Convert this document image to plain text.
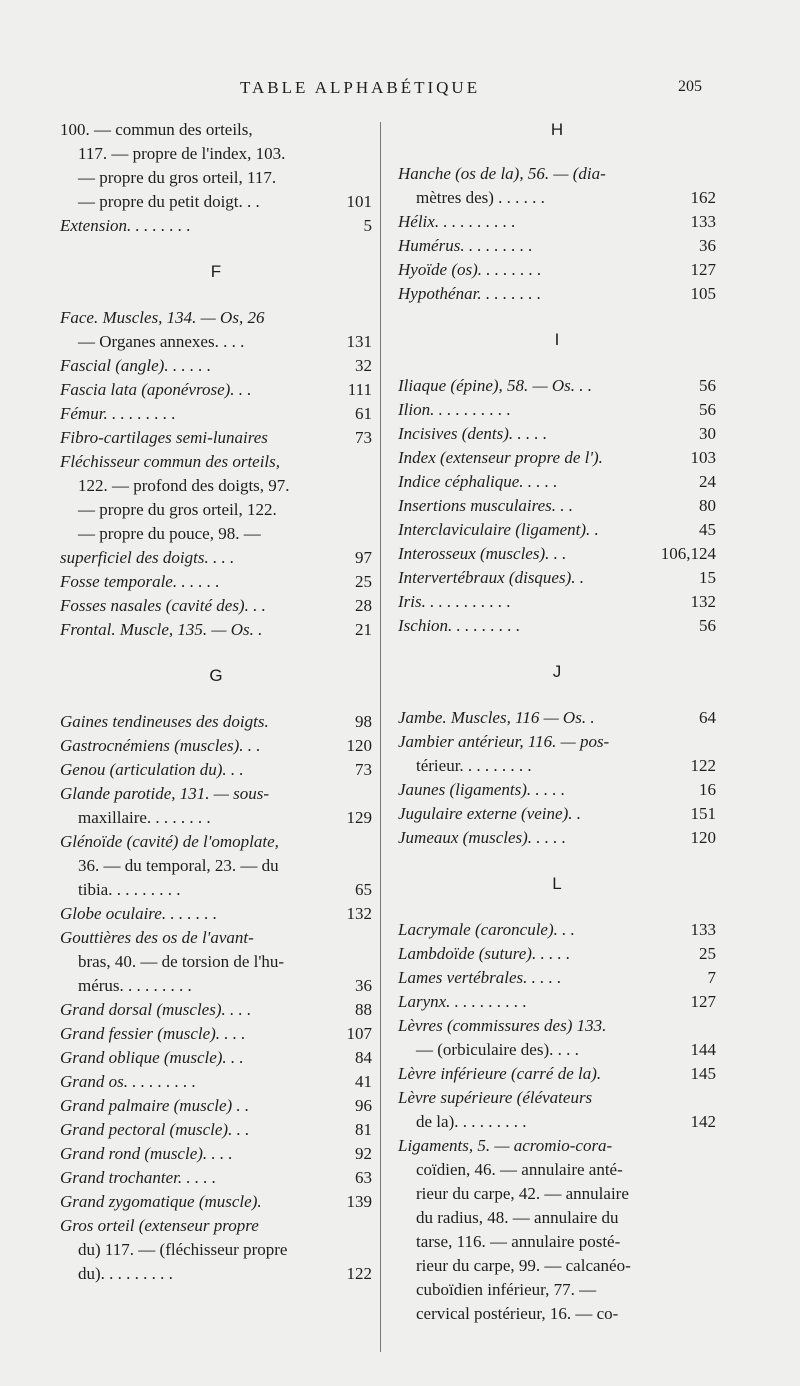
TABLE ALPHABÉTIQUE	205
100. — commun des orteils,
117. — propre de l'index, 103.
— propre du gros orteil, 117.
— propre du petit doigt. . .	101
Extension. . . . . . . .	5
F
Face. Muscles, 134. — Os, 26
— Organes annexes. . . .	131
Fascial (angle). . . . . .	32
Fascia lata (aponévrose). . .	111
Fémur. . . . . . . . .	61
Fibro-cartilages semi-lunaires	73
Fléchisseur commun des orteils,
122. — profond des doigts, 97.
— propre du gros orteil, 122.
— propre du pouce, 98. —
superficiel des doigts. . . .	97
Fosse temporale. . . . . .	25
Fosses nasales (cavité des). . .	28
Frontal. Muscle, 135. — Os. .	21
G
Gaines tendineuses des doigts.	98
Gastrocnémiens (muscles). . .	120
Genou (articulation du). . .	73
Glande parotide, 131. — sous-
maxillaire. . . . . . . .	129
Glénoïde (cavité) de l'omoplate,
36. — du temporal, 23. — du
tibia. . . . . . . . .	65
Globe oculaire. . . . . . .	132
Gouttières des os de l'avant-
bras, 40. — de torsion de l'hu-
mérus. . . . . . . . .	36
Grand dorsal (muscles). . . .	88
Grand fessier (muscle). . . .	107
Grand oblique (muscle). . .	84
Grand os. . . . . . . . .	41
Grand palmaire (muscle) . .	96
Grand pectoral (muscle). . .	81
Grand rond (muscle). . . .	92
Grand trochanter. . . . .	63
Grand zygomatique (muscle).	139
Gros orteil (extenseur propre
du) 117. — (fléchisseur propre
du). . . . . . . . .	122
H
Hanche (os de la), 56. — (dia-
mètres des) . . . . . .	162
Hélix. . . . . . . . . .	133
Humérus. . . . . . . . .	36
Hyoïde (os). . . . . . . .	127
Hypothénar. . . . . . . .	105
I
Iliaque (épine), 58. — Os. . .	56
Ilion. . . . . . . . . .	56
Incisives (dents). . . . .	30
Index (extenseur propre de l').	103
Indice céphalique. . . . .	24
Insertions musculaires. . .	80
Interclaviculaire (ligament). .	45
Interosseux (muscles). . .	106,124
Intervertébraux (disques). .	15
Iris. . . . . . . . . . .	132
Ischion. . . . . . . . .	56
J
Jambe. Muscles, 116 — Os. .	64
Jambier antérieur, 116. — pos-
térieur. . . . . . . . .	122
Jaunes (ligaments). . . . .	16
Jugulaire externe (veine). .	151
Jumeaux (muscles). . . . .	120
L
Lacrymale (caroncule). . .	133
Lambdoïde (suture). . . . .	25
Lames vertébrales. . . . .	7
Larynx. . . . . . . . . .	127
Lèvres (commissures des) 133.
— (orbiculaire des). . . .	144
Lèvre inférieure (carré de la).	145
Lèvre supérieure (élévateurs
de la). . . . . . . . .	142
Ligaments, 5. — acromio-cora-
coïdien, 46. — annulaire anté-
rieur du carpe, 42. — annulaire
du radius, 48. — annulaire du
tarse, 116. — annulaire posté-
rieur du carpe, 99. — calcanéo-
cuboïdien inférieur, 77. —
cervical postérieur, 16. — co-
